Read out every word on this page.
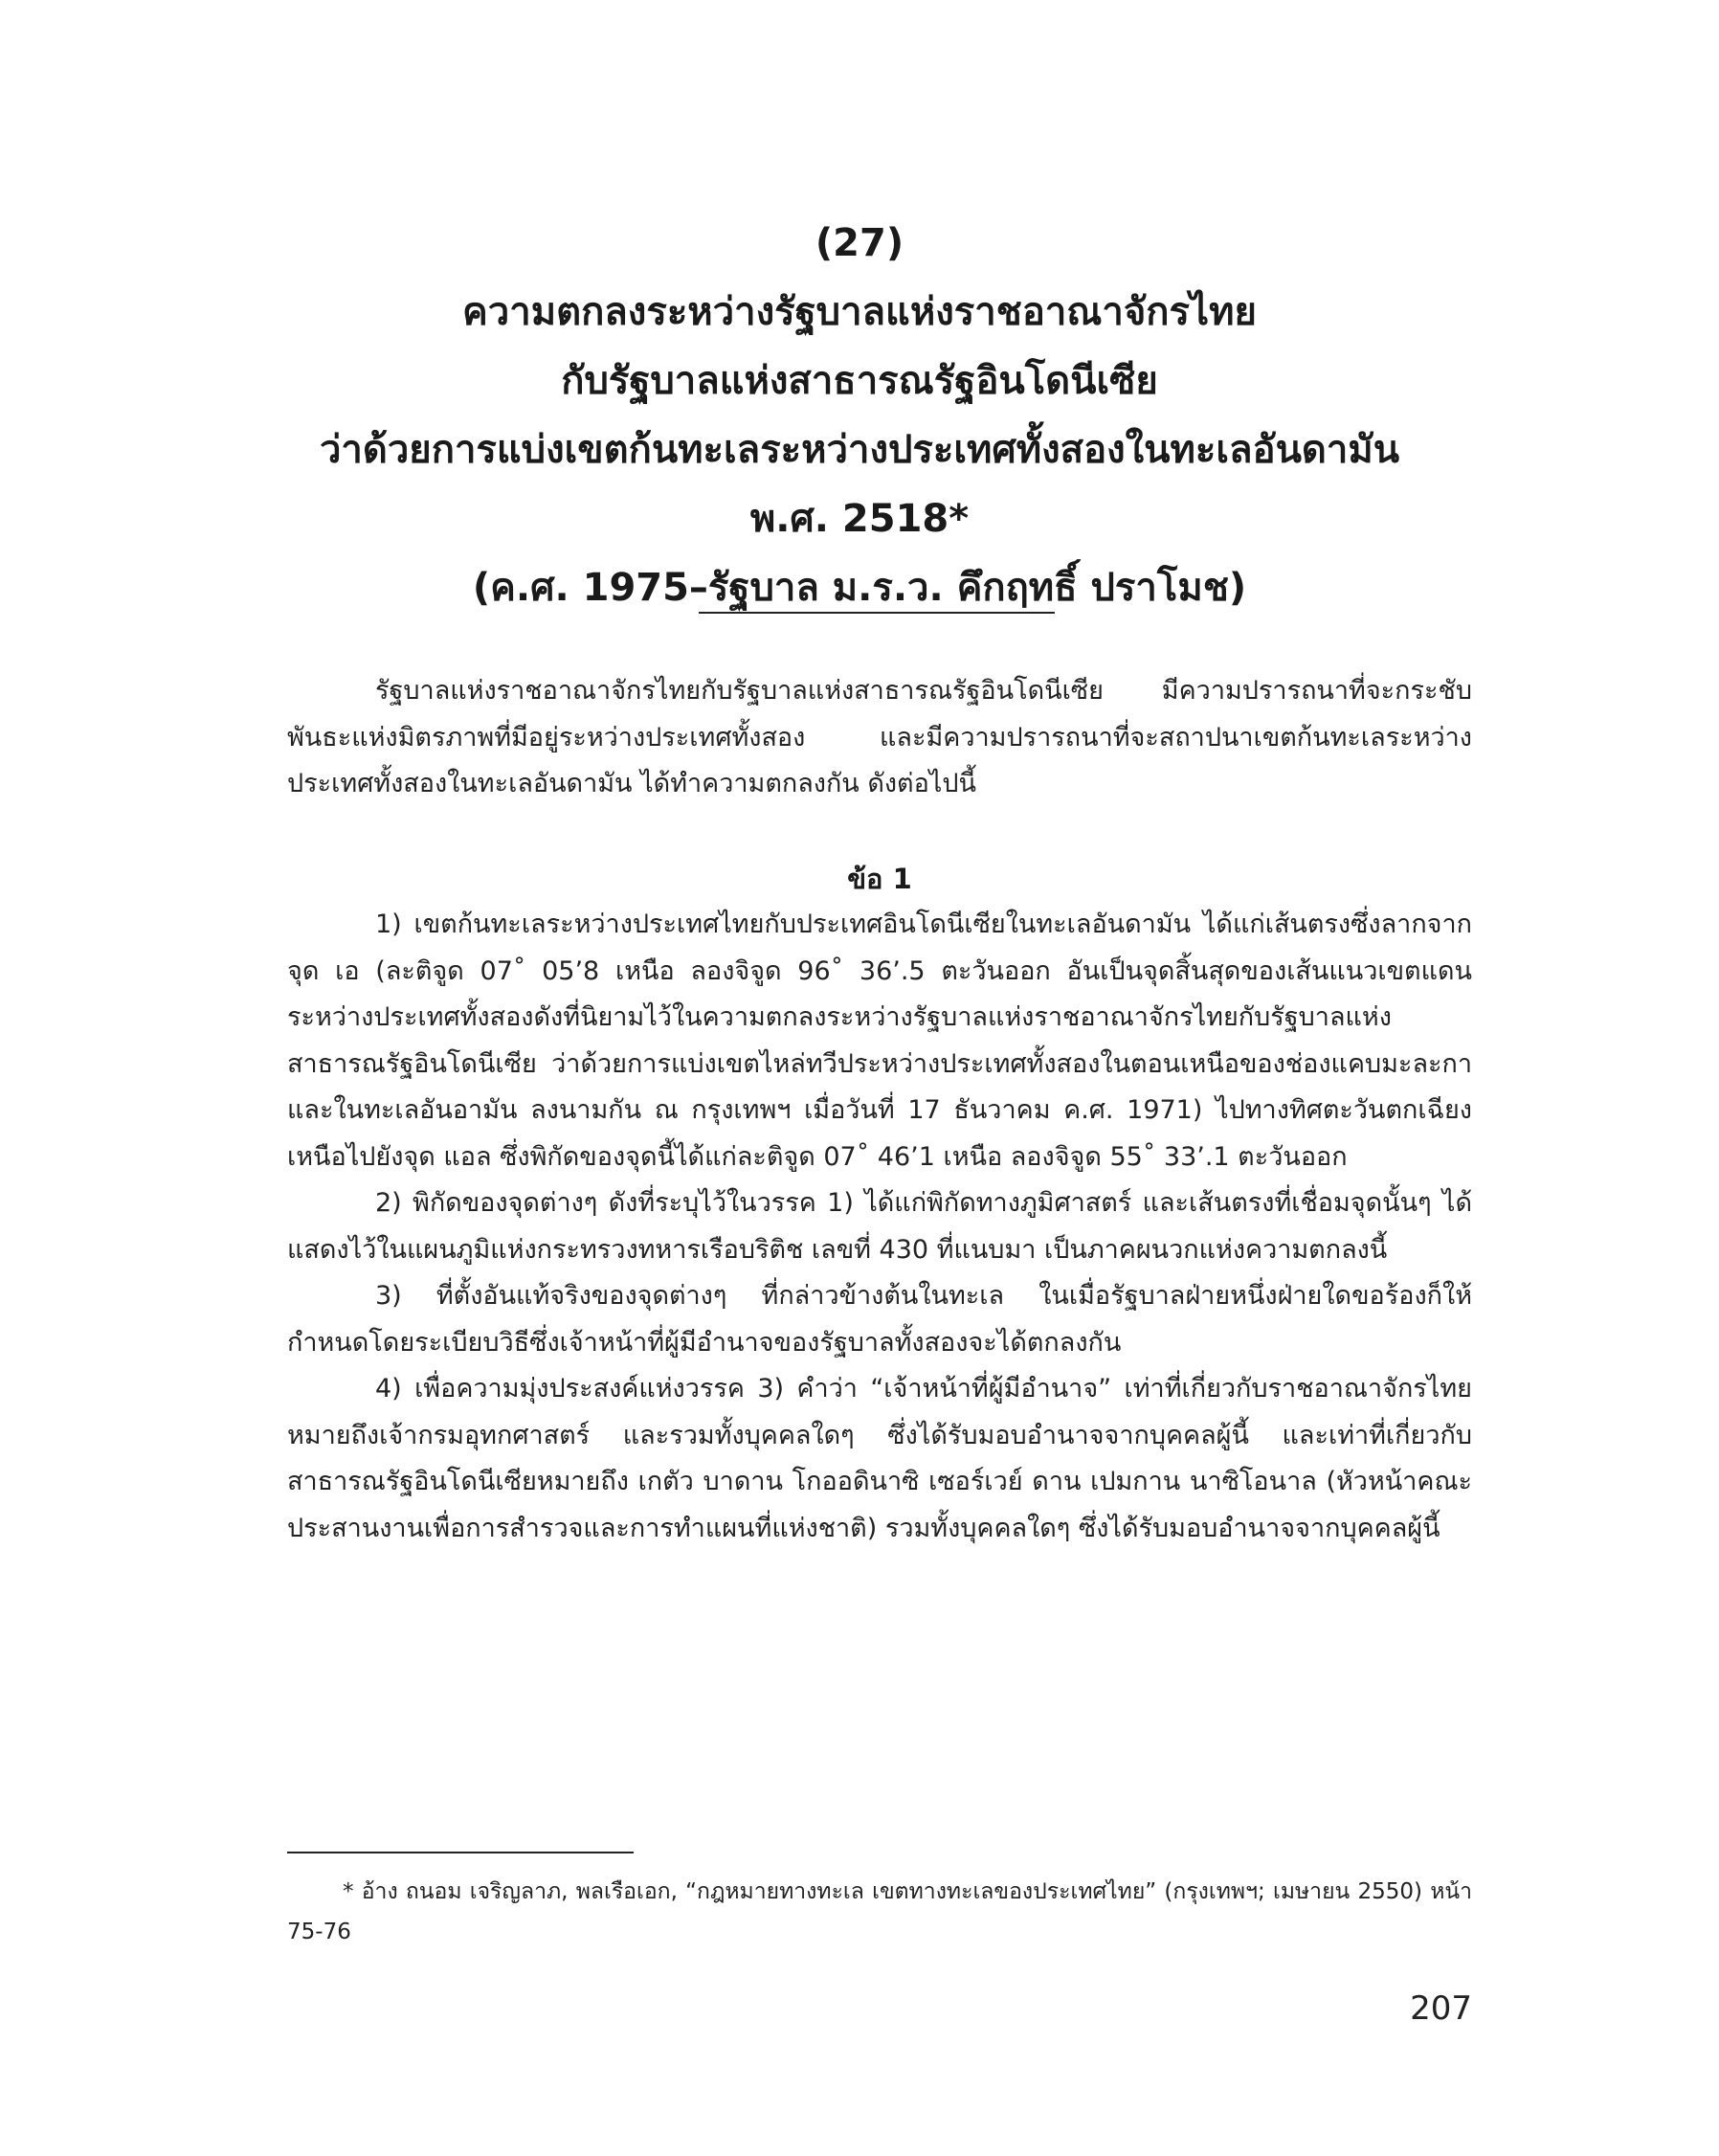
(27)
ความตกลงระหว่างรัฐบาลแห่งราชอาณาจักรไทย
กับรัฐบาลแห่งสาธารณรัฐอินโดนีเซีย
ว่าด้วยการแบ่งเขตก้นทะเลระหว่างประเทศทั้งสองในทะเลอันดามัน
พ.ศ. 2518*
(ค.ศ. 1975–รัฐบาล ม.ร.ว. คึกฤทธิ์ ปราโมช)

รัฐบาลแห่งราชอาณาจักรไทยกับรัฐบาลแห่งสาธารณรัฐอินโดนีเซีย มีความปรารถนาที่จะกระชับพันธะแห่งมิตรภาพที่มีอยู่ระหว่างประเทศทั้งสอง และมีความปรารถนาที่จะสถาปนาเขตก้นทะเลระหว่างประเทศทั้งสองในทะเลอันดามัน ได้ทำความตกลงกัน ดังต่อไปนี้

ข้อ 1

1) เขตก้นทะเลระหว่างประเทศไทยกับประเทศอินโดนีเซียในทะเลอันดามัน ได้แก่เส้นตรงซึ่งลากจากจุด เอ (ละติจูด 07˚ 05’8 เหนือ ลองจิจูด 96˚ 36’.5 ตะวันออก อันเป็นจุดสิ้นสุดของเส้นแนวเขตแดนระหว่างประเทศทั้งสองดังที่นิยามไว้ในความตกลงระหว่างรัฐบาลแห่งราชอาณาจักรไทยกับรัฐบาลแห่งสาธารณรัฐอินโดนีเซีย ว่าด้วยการแบ่งเขตไหล่ทวีประหว่างประเทศทั้งสองในตอนเหนือของช่องแคบมะละกาและในทะเลอันอามัน ลงนามกัน ณ กรุงเทพฯ เมื่อวันที่ 17 ธันวาคม ค.ศ. 1971) ไปทางทิศตะวันตกเฉียงเหนือไปยังจุด แอล ซึ่งพิกัดของจุดนี้ได้แก่ละติจูด 07˚ 46’1 เหนือ ลองจิจูด 55˚ 33’.1 ตะวันออก

2) พิกัดของจุดต่างๆ ดังที่ระบุไว้ในวรรค 1) ได้แก่พิกัดทางภูมิศาสตร์ และเส้นตรงที่เชื่อมจุดนั้นๆ ได้แสดงไว้ในแผนภูมิแห่งกระทรวงทหารเรือบริติช เลขที่ 430 ที่แนบมา เป็นภาคผนวกแห่งความตกลงนี้

3) ที่ตั้งอันแท้จริงของจุดต่างๆ ที่กล่าวข้างต้นในทะเล ในเมื่อรัฐบาลฝ่ายหนึ่งฝ่ายใดขอร้องก็ให้กำหนดโดยระเบียบวิธีซึ่งเจ้าหน้าที่ผู้มีอำนาจของรัฐบาลทั้งสองจะได้ตกลงกัน

4) เพื่อความมุ่งประสงค์แห่งวรรค 3) คำว่า “เจ้าหน้าที่ผู้มีอำนาจ” เท่าที่เกี่ยวกับราชอาณาจักรไทยหมายถึงเจ้ากรมอุทกศาสตร์ และรวมทั้งบุคคลใดๆ ซึ่งได้รับมอบอำนาจจากบุคคลผู้นี้ และเท่าที่เกี่ยวกับสาธารณรัฐอินโดนีเซียหมายถึง เกตัว บาดาน โกออดินาซิ เซอร์เวย์ ดาน เปมกาน นาซิโอนาล (หัวหน้าคณะประสานงานเพื่อการสำรวจและการทำแผนที่แห่งชาติ) รวมทั้งบุคคลใดๆ ซึ่งได้รับมอบอำนาจจากบุคคลผู้นี้

* อ้าง ถนอม เจริญลาภ, พลเรือเอก, “กฎหมายทางทะเล เขตทางทะเลของประเทศไทย” (กรุงเทพฯ; เมษายน 2550) หน้า 75-76

207
